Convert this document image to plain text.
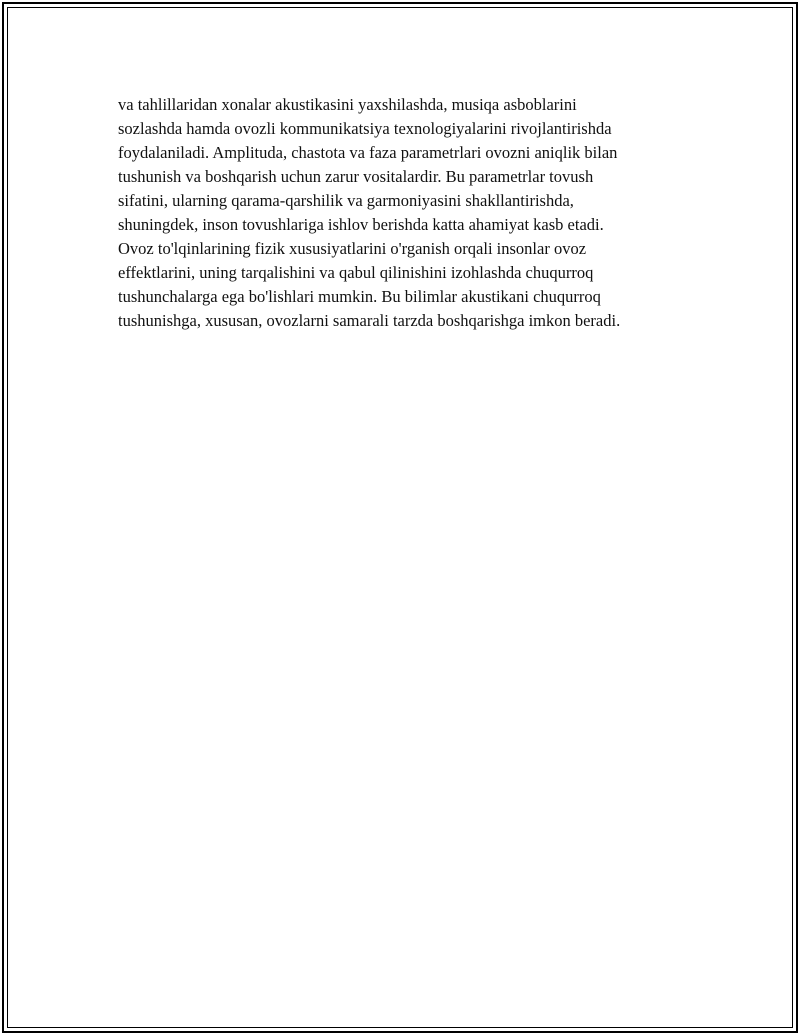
va tahlillaridan xonalar akustikasini yaxshilashda, musiqa asboblarini
sozlashda hamda ovozli kommunikatsiya texnologiyalarini rivojlantirishda
foydalaniladi. Amplituda, chastota va faza parametrlari ovozni aniqlik bilan
tushunish va boshqarish uchun zarur vositalardir. Bu parametrlar tovush
sifatini, ularning qarama-qarshilik va garmoniyasini shakllantirishda,
shuningdek, inson tovushlariga ishlov berishda katta ahamiyat kasb etadi.
Ovoz to'lqinlarining fizik xususiyatlarini o'rganish orqali insonlar ovoz
effektlarini, uning tarqalishini va qabul qilinishini izohlashda chuqurroq
tushunchalarga ega bo'lishlari mumkin. Bu bilimlar akustikani chuqurroq
tushunishga, xususan, ovozlarni samarali tarzda boshqarishga imkon beradi.
